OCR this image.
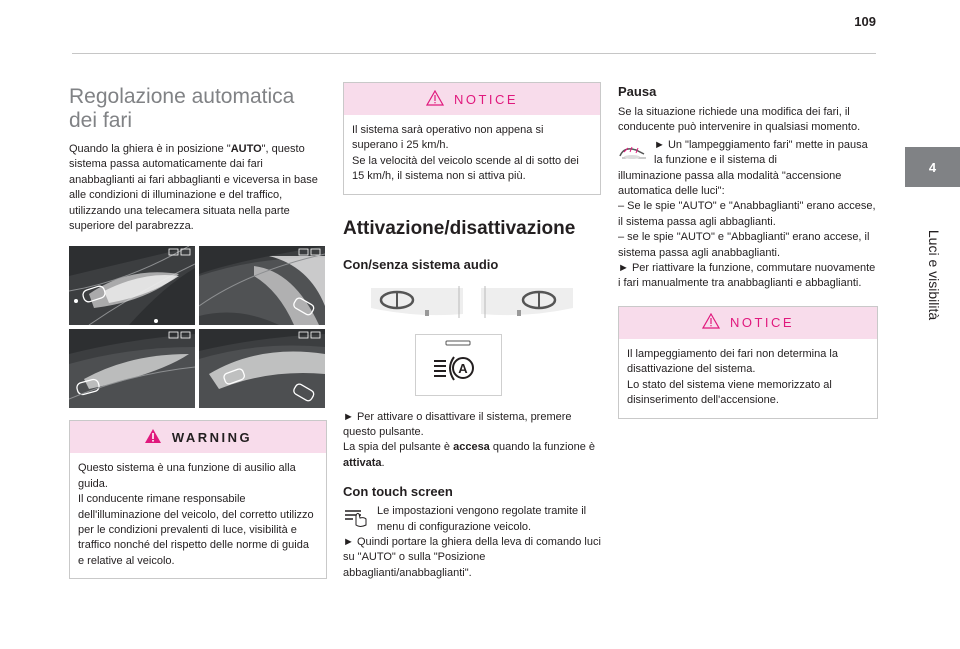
109
4
Luci e visibilità
Regolazione automatica dei fari

Quando la ghiera è in posizione "AUTO", questo sistema passa automaticamente dai fari anabbaglianti ai fari abbaglianti e viceversa in base alle condizioni di illuminazione e del traffico, utilizzando una telecamera situata nella parte superiore del parabrezza.

WARNING

Questo sistema è una funzione di ausilio alla guida.

Il conducente rimane responsabile dell'illuminazione del veicolo, del corretto utilizzo per le condizioni prevalenti di luce, visibilità e traffico nonché del rispetto delle norme di guida e relative al veicolo.

NOTICE

Il sistema sarà operativo non appena si superano i 25 km/h.

Se la velocità del veicolo scende al di sotto dei 15 km/h, il sistema non si attiva più.

Attivazione/disattivazione
Con/senza sistema audio
A

► Per attivare o disattivare il sistema, premere questo pulsante.
La spia del pulsante è accesa quando la funzione è attivata.

Con touch screen

Le impostazioni vengono regolate tramite il menu di configurazione veicolo.

► Quindi portare la ghiera della leva di comando luci su "AUTO" o sulla "Posizione abbaglianti/anabbaglianti".

Pausa

Se la situazione richiede una modifica dei fari, il conducente può intervenire in qualsiasi momento.

► Un "lampeggiamento fari" mette in pausa la funzione e il sistema di

illuminazione passa alla modalità "accensione automatica delle luci":

– Se le spie "AUTO" e "Anabbaglianti" erano accese, il sistema passa agli abbaglianti.

– se le spie "AUTO" e "Abbaglianti" erano accese, il sistema passa agli anabbaglianti.

► Per riattivare la funzione, commutare nuovamente i fari manualmente tra anabbaglianti e abbaglianti.

NOTICE

Il lampeggiamento dei fari non determina la disattivazione del sistema.

Lo stato del sistema viene memorizzato al disinserimento dell'accensione.
